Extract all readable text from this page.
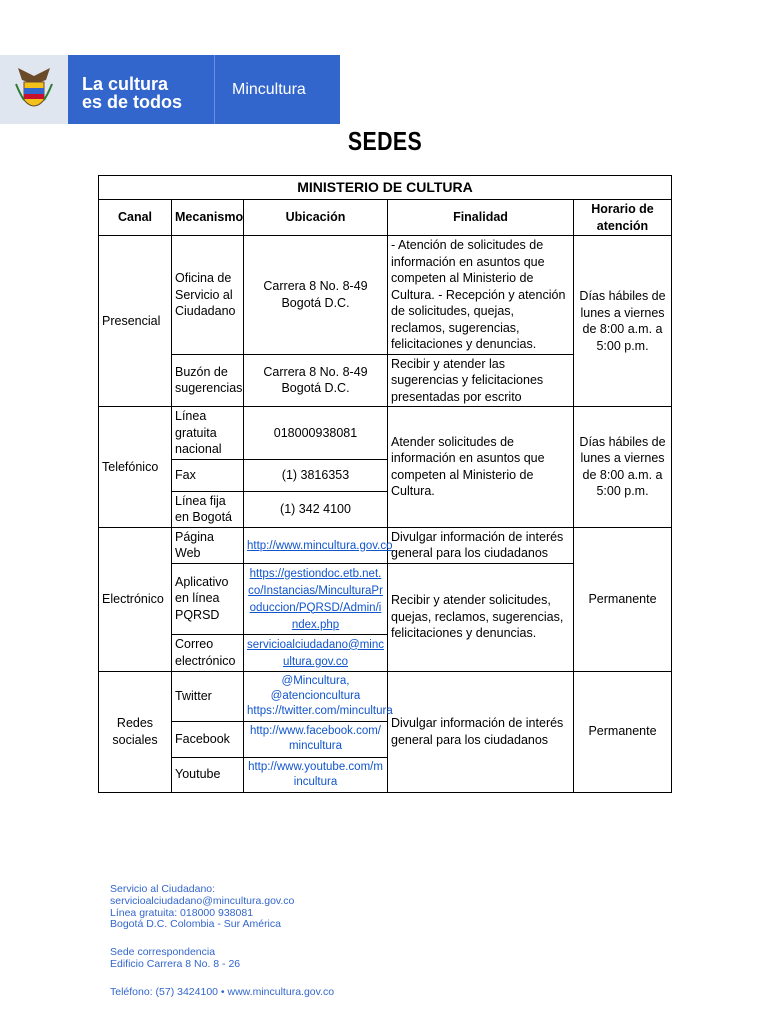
La cultura
es de todos
Mincultura
SEDES
MINISTERIO DE CULTURA				
Canal	Mecanismo	Ubicación	Finalidad	Horario de atención
Presencial	Oficina de Servicio al Ciudadano	Carrera 8 No. 8-49 Bogotá D.C.	- Atención de solicitudes de información en asuntos que competen al Ministerio de Cultura. - Recepción y atención de solicitudes, quejas, reclamos, sugerencias, felicitaciones y denuncias.	Días hábiles de lunes a viernes de 8:00 a.m. a 5:00 p.m.
	Buzón de sugerencias	Carrera 8 No. 8-49 Bogotá D.C.	Recibir y atender las sugerencias y felicitaciones presentadas por escrito	
Telefónico	Línea gratuita nacional	018000938081	Atender solicitudes de información en asuntos que competen al Ministerio de Cultura.	Días hábiles de lunes a viernes de 8:00 a.m. a 5:00 p.m.
	Fax	(1) 3816353		
	Línea fija en Bogotá	(1) 342 4100		
Electrónico	Página Web	http://www.mincultura.gov.co	Divulgar información de interés general para los ciudadanos	Permanente
	Aplicativo en línea PQRSD	https://gestiondoc.etb.net.co/Instancias/MinculturaProduccion/PQRSD/Admin/index.php	Recibir y atender solicitudes, quejas, reclamos, sugerencias, felicitaciones y denuncias.	
	Correo electrónico	servicioalciudadano@mincultura.gov.co		
Redes sociales	Twitter	@Mincultura, @atencioncultura https://twitter.com/mincultura	Divulgar información de interés general para los ciudadanos	Permanente
	Facebook	http://www.facebook.com/mincultura		
	Youtube	http://www.youtube.com/mincultura		
Servicio al Ciudadano:
servicioalciudadano@mincultura.gov.co
Línea gratuita: 018000 938081
Bogotá D.C. Colombia - Sur América
Sede correspondencia
Edificio Carrera 8 No. 8 - 26
Teléfono: (57) 3424100 • www.mincultura.gov.co
